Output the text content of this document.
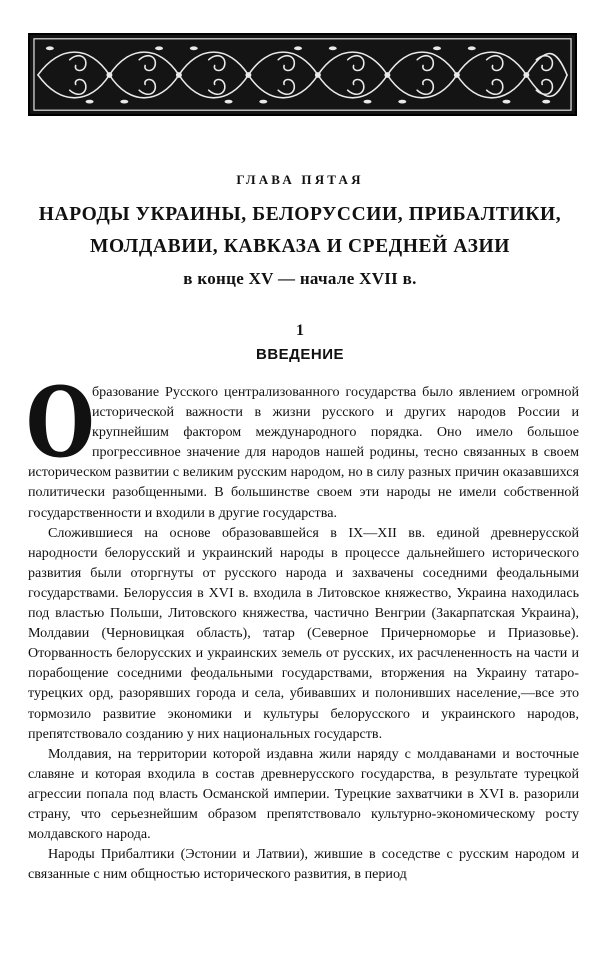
ГЛАВА ПЯТАЯ
НАРОДЫ УКРАИНЫ, БЕЛОРУССИИ, ПРИБАЛТИКИ,
МОЛДАВИИ, КАВКАЗА И СРЕДНЕЙ АЗИИ
в конце XV — начале XVII в.
1
ВВЕДЕНИЕ

О
бразование Русского централизованного государства было явлением огромной исторической важности в жизни русского и других народов России и крупнейшим фактором международного порядка. Оно имело большое прогрессивное значение для народов нашей родины, тесно связанных в своем историческом развитии с великим русским народом, но в силу разных причин оказавшихся политически разобщенными. В большинстве своем эти народы не имели собственной государственности и входили в другие государства.

Сложившиеся на основе образовавшейся в IX—XII вв. единой древнерусской народности белорусский и украинский народы в процессе дальнейшего исторического развития были оторгнуты от русского народа и захвачены соседними феодальными государствами. Белоруссия в XVI в. входила в Литовское княжество, Украина находилась под властью Польши, Литовского княжества, частично Венгрии (Закарпатская Украина), Молдавии (Черновицкая область), татар (Северное Причерноморье и Приазовье). Оторванность белорусских и украинских земель от русских, их расчлененность на части и порабощение соседними феодальными государствами, вторжения на Украину татаро-турецких орд, разорявших города и села, убивавших и полонивших население,—все это тормозило развитие экономики и культуры белорусского и украинского народов, препятствовало созданию у них национальных государств.

Молдавия, на территории которой издавна жили наряду с молдаванами и восточные славяне и которая входила в состав древнерусского государства, в результате турецкой агрессии попала под власть Османской империи. Турецкие захватчики в XVI в. разорили страну, что серьезнейшим образом препятствовало культурно-экономическому росту молдавского народа.

Народы Прибалтики (Эстонии и Латвии), жившие в соседстве с русским народом и связанные с ним общностью исторического развития, в период
